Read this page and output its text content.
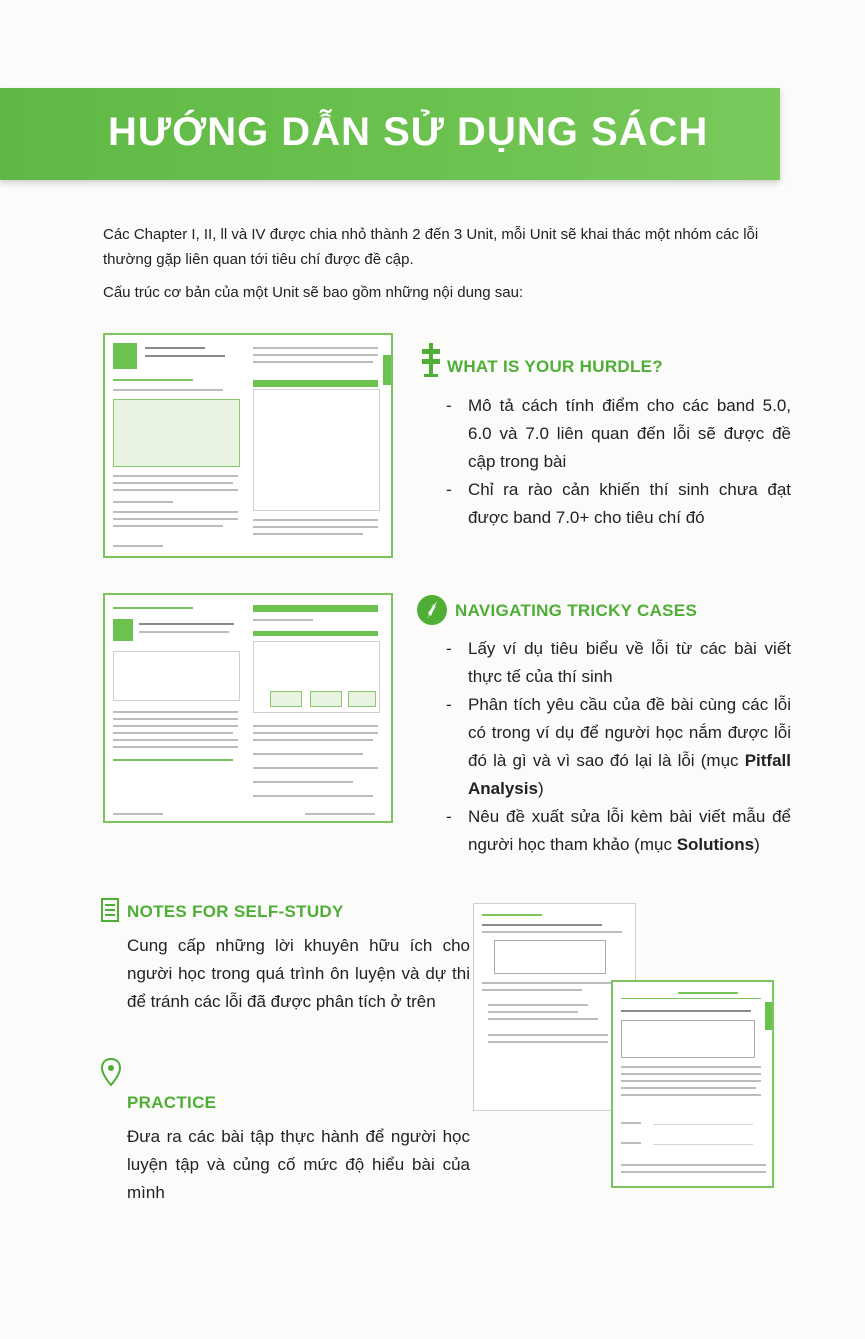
HƯỚNG DẪN SỬ DỤNG SÁCH

Các Chapter I, II, ll và IV được chia nhỏ thành 2 đến 3 Unit, mỗi Unit sẽ khai thác một nhóm các lỗi thường gặp liên quan tới tiêu chí được đề cập.

Cấu trúc cơ bản của một Unit sẽ bao gồm những nội dung sau:

WHAT IS YOUR HURDLE?
- Mô tả cách tính điểm cho các band 5.0, 6.0 và 7.0 liên quan đến lỗi sẽ được đề cập trong bài
- Chỉ ra rào cản khiến thí sinh chưa đạt được band 7.0+ cho tiêu chí đó
NAVIGATING TRICKY CASES
- Lấy ví dụ tiêu biểu về lỗi từ các bài viết thực tế của thí sinh
- Phân tích yêu cầu của đề bài cùng các lỗi có trong ví dụ để người học nắm được lỗi đó là gì và vì sao đó lại là lỗi (mục Pitfall Analysis)
- Nêu đề xuất sửa lỗi kèm bài viết mẫu để người học tham khảo (mục Solutions)
NOTES FOR SELF-STUDY
Cung cấp những lời khuyên hữu ích cho người học trong quá trình ôn luyện và dự thi để tránh các lỗi đã được phân tích ở trên
PRACTICE
Đưa ra các bài tập thực hành để người học luyện tập và củng cố mức độ hiểu bài của mình
